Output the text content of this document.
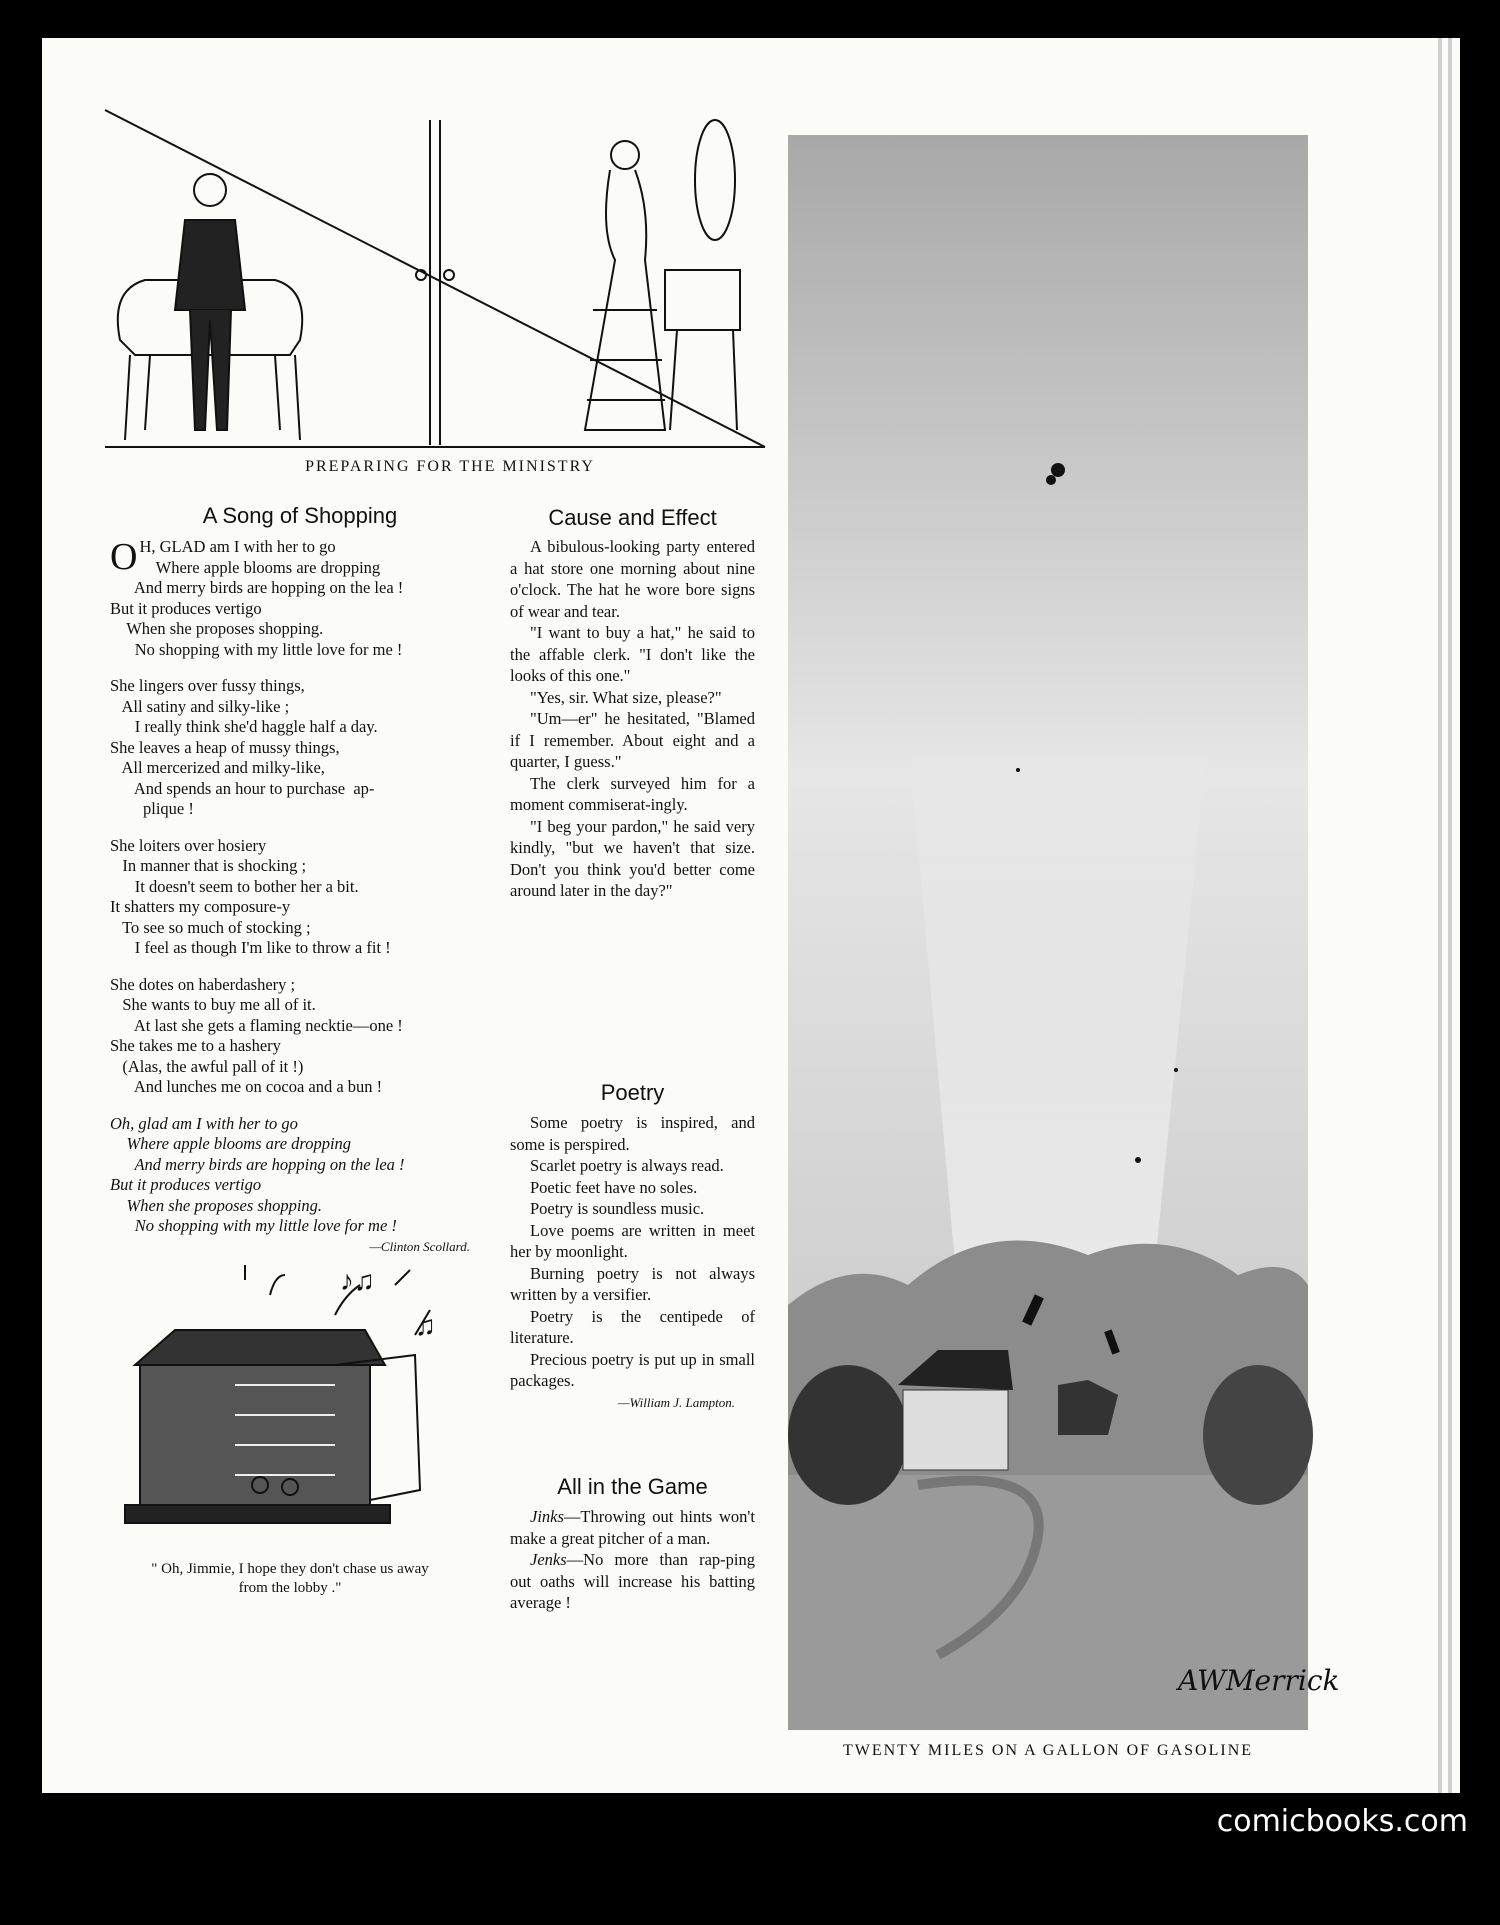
PREPARING FOR THE MINISTRY
A Song of Shopping
O H, GLAD am I with her to go

Where apple blooms are dropping

And merry birds are hopping on the lea !

But it produces vertigo

When she proposes shopping.

No shopping with my little love for me !

She lingers over fussy things,

All satiny and silky-like ;

I really think she'd haggle half a day.

She leaves a heap of mussy things,

All mercerized and milky-like,

And spends an hour to purchase  ap-

plique !

She loiters over hosiery

In manner that is shocking ;

It doesn't seem to bother her a bit.

It shatters my composure-y

To see so much of stocking ;

I feel as though I'm like to throw a fit !

She dotes on haberdashery ;

She wants to buy me all of it.

At last she gets a flaming necktie—one !

She takes me to a hashery

(Alas, the awful pall of it !)

And lunches me on cocoa and a bun !

Oh, glad am I with her to go

Where apple blooms are dropping

And merry birds are hopping on the lea !

But it produces vertigo

When she proposes shopping.

No shopping with my little love for me !

—Clinton Scollard.
♪♫
♫
" Oh, Jimmie, I hope they don't chase us away
from the lobby ."
Cause and Effect

A bibulous-looking party entered a hat store one morning about nine o'clock. The hat he wore bore signs of wear and tear.

"I want to buy a hat," he said to the affable clerk. "I don't like the looks of this one."

"Yes, sir. What size, please?"

"Um—er" he hesitated, "Blamed if I remember. About eight and a quarter, I guess."

The clerk surveyed him for a moment commiserat-ingly.

"I beg your pardon," he said very kindly, "but we haven't that size. Don't you think you'd better come around later in the day?"

Poetry

Some poetry is inspired, and some is perspired.

Scarlet poetry is always read.

Poetic feet have no soles.

Poetry is soundless music.

Love poems are written in meet her by moonlight.

Burning poetry is not always written by a versifier.

Poetry is the centipede of literature.

Precious poetry is put up in small packages.

—William J. Lampton.
All in the Game

Jinks—Throwing out hints won't make a great pitcher of a man.

Jenks—No more than rap-ping out oaths will increase his batting average !

AWMerrick
TWENTY MILES ON A GALLON OF GASOLINE
comicbooks.com
